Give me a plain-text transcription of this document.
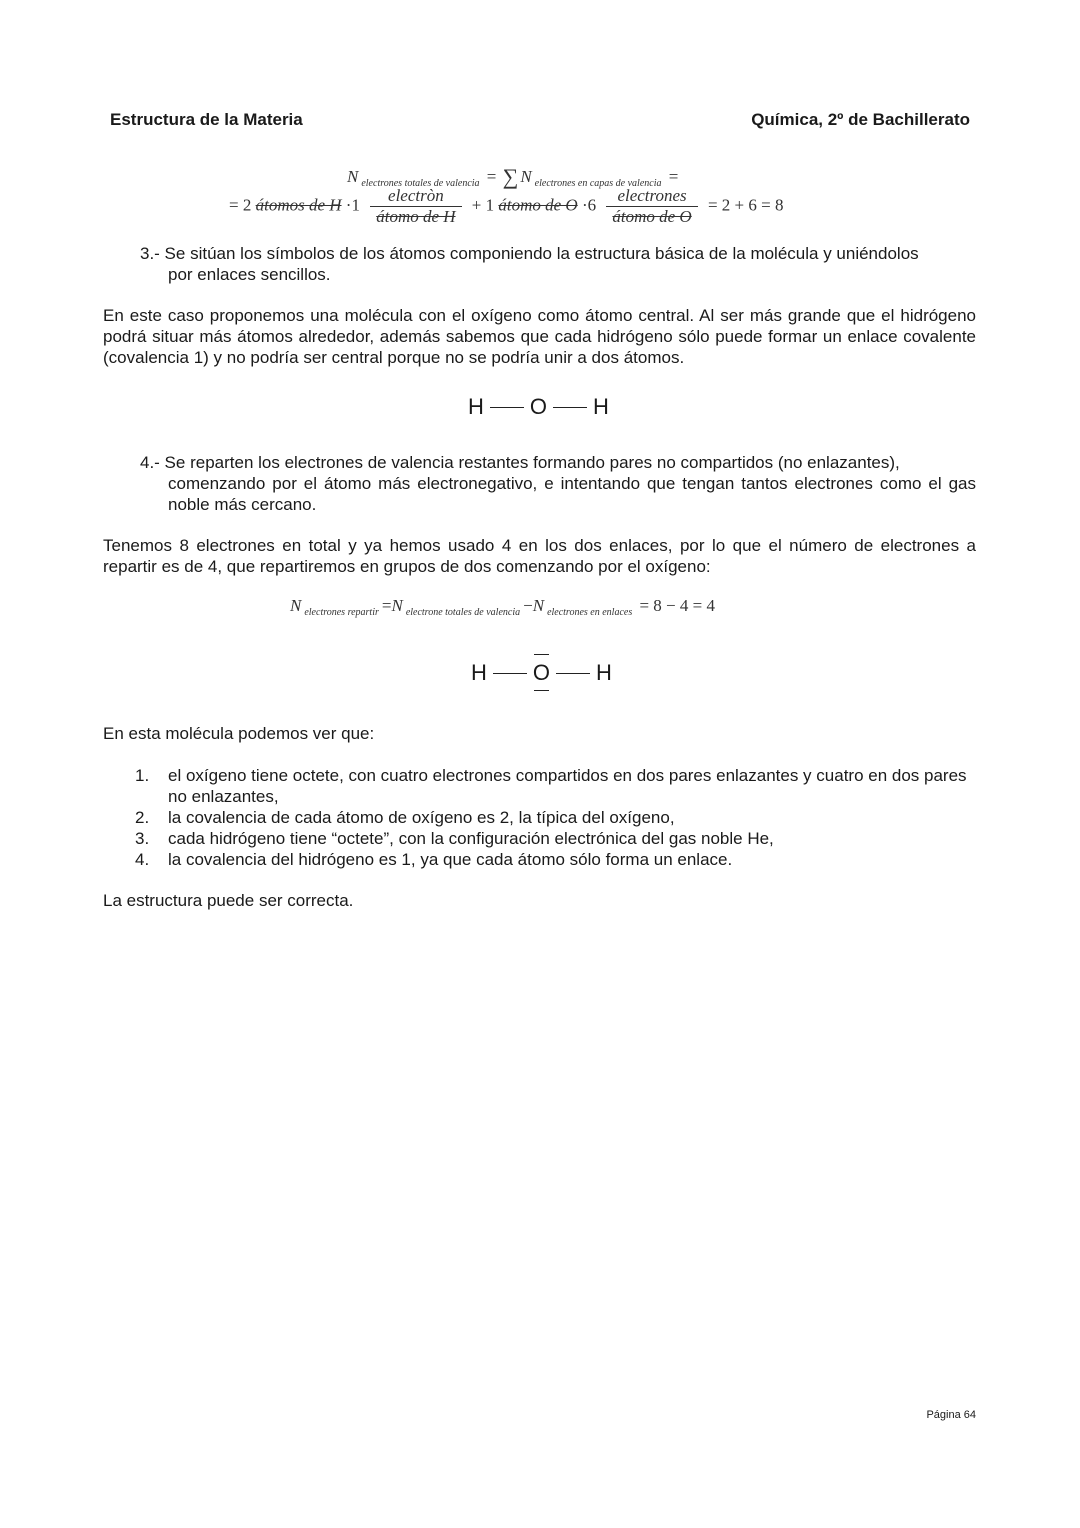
Estructura de la Materia	Química, 2º de Bachillerato
N $_{electrones totales de valencia}$ = ∑ N $_{electrones en capas de valencia}$ =
= 2 átomos de $H \cdot 1 \frac{\text{electròn}}{\text{átomo de H}} + 1$ átomo de $O \cdot 6 \frac{\text{electrones}}{\text{átomo de O}} = 2 + 6 = 8$
3.- Se sitúan los símbolos de los átomos componiendo la estructura básica de la molécula y uniéndolos
por enlaces sencillos.
En este caso proponemos una molécula con el oxígeno como átomo central. Al ser más grande que el hidrógeno podrá situar más átomos alrededor, además sabemos que cada hidrógeno sólo puede formar un enlace covalente (covalencia 1) y no podría ser central porque no se podría unir a dos átomos.
H O H
4.- Se reparten los electrones de valencia restantes formando pares no compartidos (no enlazantes),
comenzando por el átomo más electronegativo, e intentando que tengan tantos electrones como el gas noble más cercano.
Tenemos 8 electrones en total y ya hemos usado 4 en los dos enlaces, por lo que el número de electrones a repartir es de 4, que repartiremos en grupos de dos comenzando por el oxígeno:
N $_{electrones repartir}$ =N $_{electrone totales de valencia}$ −N $_{electrones en enlaces}$ = 8 − 4 = 4
H O H
En esta molécula podemos ver que:
1.	el oxígeno tiene octete, con cuatro electrones compartidos en dos pares enlazantes y cuatro en dos pares no enlazantes,
2.	la covalencia de cada átomo de oxígeno es 2, la típica del oxígeno,
3.	cada hidrógeno tiene “octete”, con la configuración electrónica del gas noble He,
4.	la covalencia del hidrógeno es 1, ya que cada átomo sólo forma un enlace.
La estructura puede ser correcta.
Página 64
